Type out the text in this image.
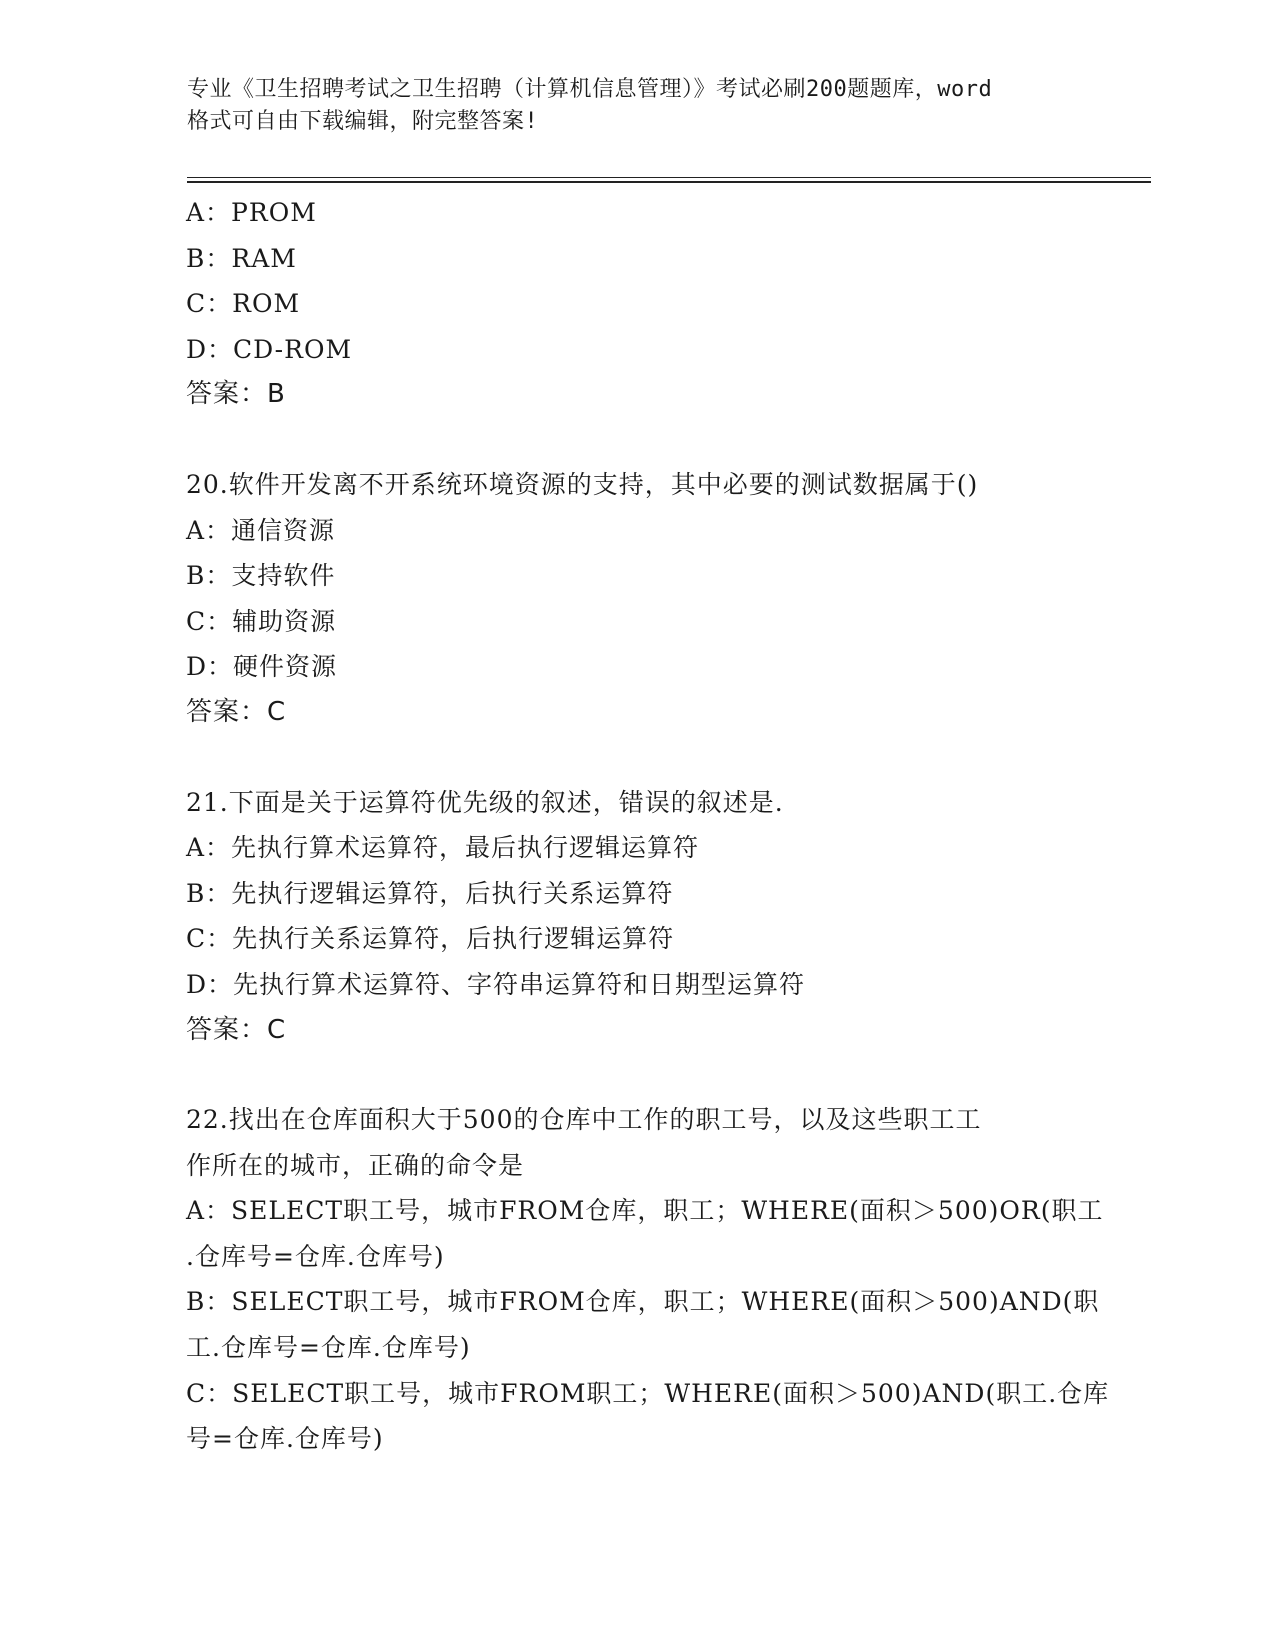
专业《卫生招聘考试之卫生招聘（计算机信息管理）》考试必刷200题题库，word
格式可自由下载编辑，附完整答案!
A：PROM
B：RAM
C：ROM
D：CD-ROM
答案：B
20.软件开发离不开系统环境资源的支持，其中必要的测试数据属于()
A：通信资源
B：支持软件
C：辅助资源
D：硬件资源
答案：C
21.下面是关于运算符优先级的叙述，错误的叙述是.
A：先执行算术运算符，最后执行逻辑运算符
B：先执行逻辑运算符，后执行关系运算符
C：先执行关系运算符，后执行逻辑运算符
D：先执行算术运算符、字符串运算符和日期型运算符
答案：C
22.找出在仓库面积大于500的仓库中工作的职工号，以及这些职工工
作所在的城市，正确的命令是
A：SELECT职工号，城市FROM仓库，职工；WHERE(面积＞500)OR(职工
.仓库号=仓库.仓库号)
B：SELECT职工号，城市FROM仓库，职工；WHERE(面积＞500)AND(职
工.仓库号=仓库.仓库号)
C：SELECT职工号，城市FROM职工；WHERE(面积＞500)AND(职工.仓库
号=仓库.仓库号)
